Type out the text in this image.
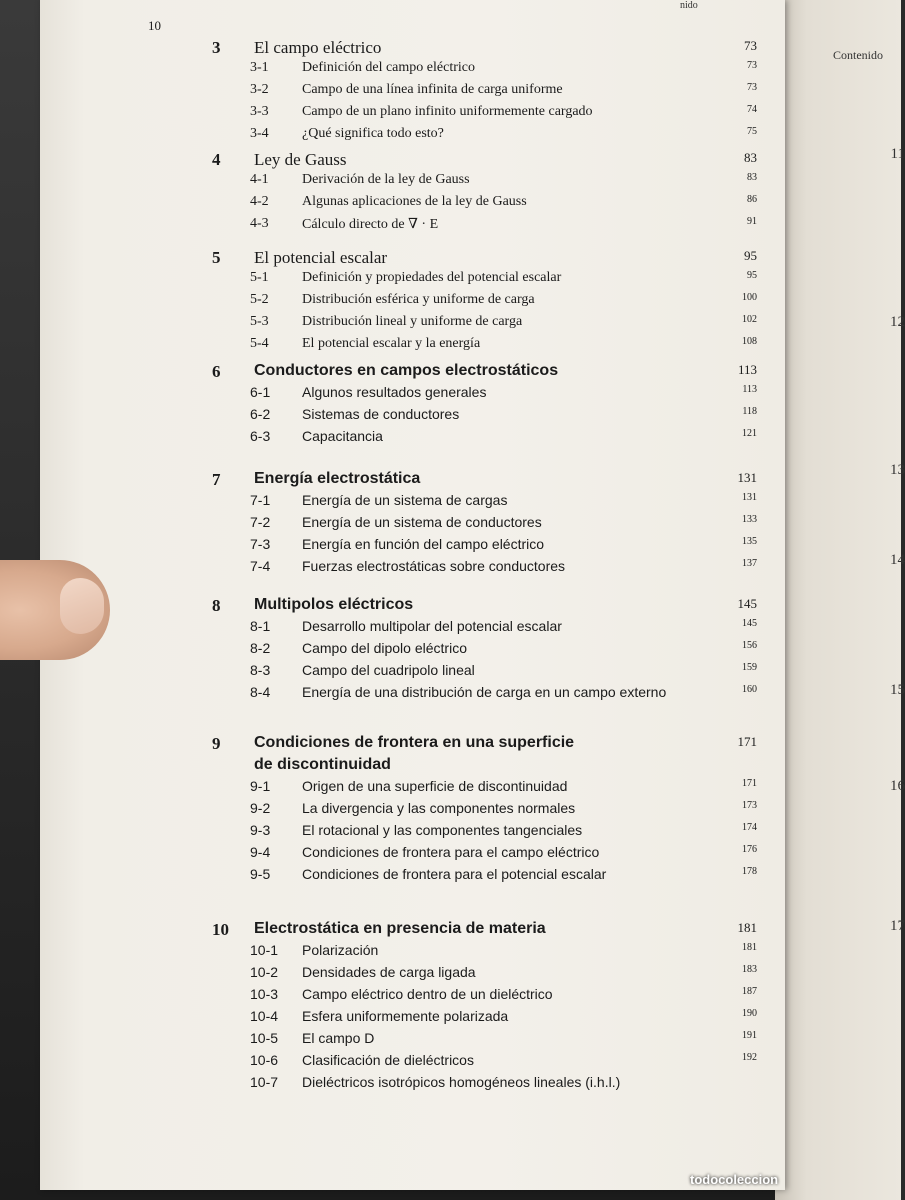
Contenido
11
12
13
14
15
16
17
10
3 El campo eléctrico	73
3-1 Definición del campo eléctrico	73
3-2 Campo de una línea infinita de carga uniforme	73
3-3 Campo de un plano infinito uniformemente cargado	74
3-4 ¿Qué significa todo esto?	75
4 Ley de Gauss	83
4-1 Derivación de la ley de Gauss	83
4-2 Algunas aplicaciones de la ley de Gauss	86
4-3 Cálculo directo de ∇ · E	91
5 El potencial escalar	95
5-1 Definición y propiedades del potencial escalar	95
5-2 Distribución esférica y uniforme de carga	100
5-3 Distribución lineal y uniforme de carga	102
5-4 El potencial escalar y la energía	108
6 Conductores en campos electrostáticos	113
6-1 Algunos resultados generales	113
6-2 Sistemas de conductores	118
6-3 Capacitancia	121
7 Energía electrostática	131
7-1 Energía de un sistema de cargas	131
7-2 Energía de un sistema de conductores	133
7-3 Energía en función del campo eléctrico	135
7-4 Fuerzas electrostáticas sobre conductores	137
8 Multipolos eléctricos	145
8-1 Desarrollo multipolar del potencial escalar	145
8-2 Campo del dipolo eléctrico	156
8-3 Campo del cuadripolo lineal	159
8-4 Energía de una distribución de carga en un campo externo	160
9 Condiciones de frontera en una superficie	171
de discontinuidad
9-1 Origen de una superficie de discontinuidad	171
9-2 La divergencia y las componentes normales	173
9-3 El rotacional y las componentes tangenciales	174
9-4 Condiciones de frontera para el campo eléctrico	176
9-5 Condiciones de frontera para el potencial escalar	178
10 Electrostática en presencia de materia	181
10-1 Polarización	181
10-2 Densidades de carga ligada	183
10-3 Campo eléctrico dentro de un dieléctrico	187
10-4 Esfera uniformemente polarizada	190
10-5 El campo D	191
10-6 Clasificación de dieléctricos	192
10-7 Dieléctricos isotrópicos homogéneos lineales (i.h.l.)
nido
todocoleccion
